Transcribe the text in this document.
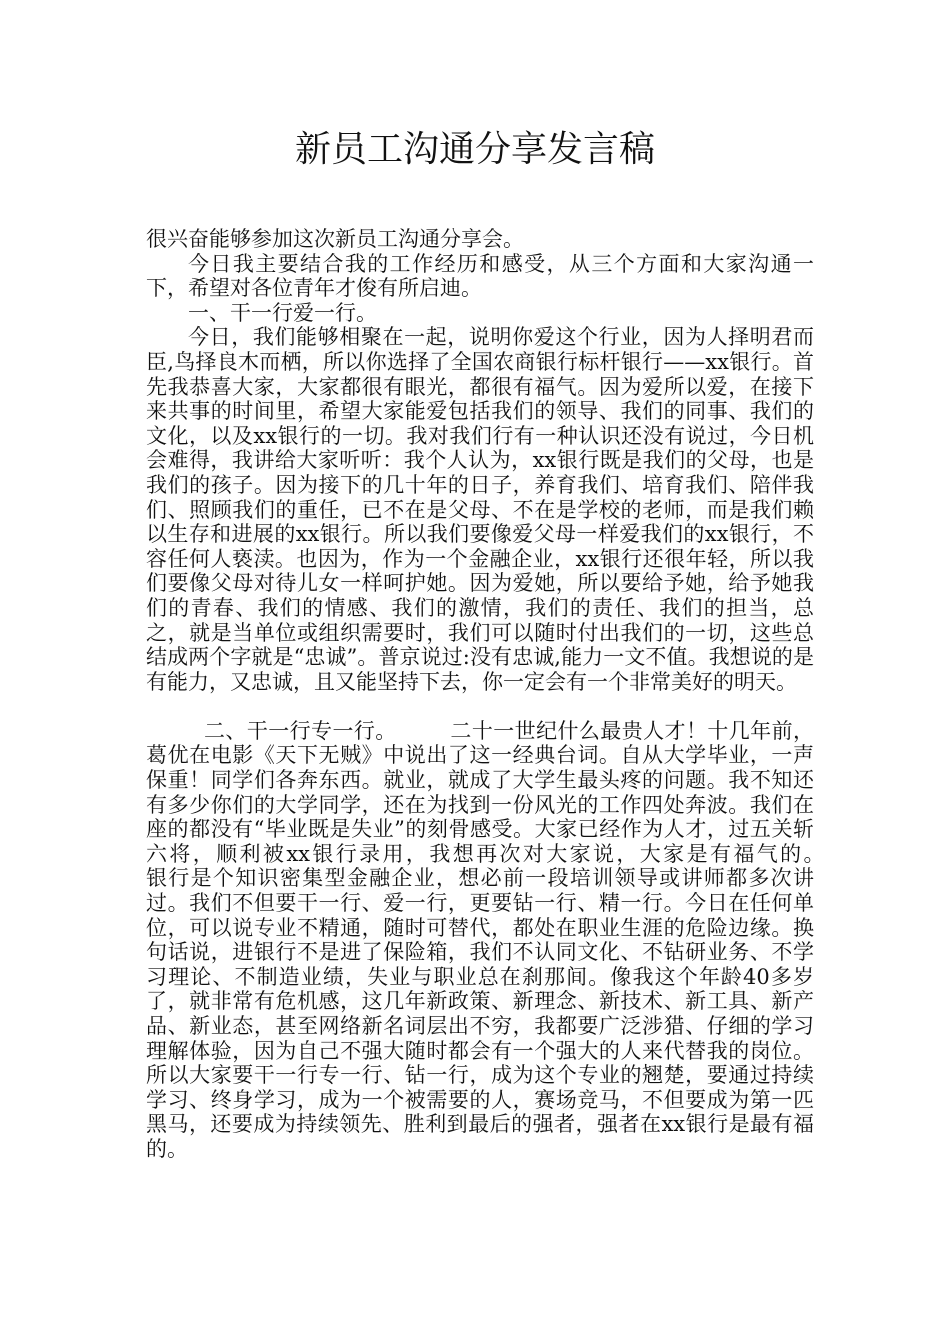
新员工沟通分享发言稿

很兴奋能够参加这次新员工沟通分享会。

今日我主要结合我的工作经历和感受，从三个方面和大家沟通一下，希望对各位青年才俊有所启迪。

一、干一行爱一行。

今日，我们能够相聚在一起，说明你爱这个行业，因为人择明君而臣,鸟择良木而栖，所以你选择了全国农商银行标杆银行——xx银行。首先我恭喜大家，大家都很有眼光，都很有福气。因为爱所以爱，在接下来共事的时间里，希望大家能爱包括我们的领导、我们的同事、我们的文化，以及xx银行的一切。我对我们行有一种认识还没有说过，今日机会难得，我讲给大家听听：我个人认为，xx银行既是我们的父母，也是我们的孩子。因为接下的几十年的日子，养育我们、培育我们、陪伴我们、照顾我们的重任，已不在是父母、不在是学校的老师，而是我们赖以生存和进展的xx银行。所以我们要像爱父母一样爱我们的xx银行，不容任何人亵渎。也因为，作为一个金融企业，xx银行还很年轻，所以我们要像父母对待儿女一样呵护她。因为爱她，所以要给予她，给予她我们的青春、我们的情感、我们的激情，我们的责任、我们的担当，总之，就是当单位或组织需要时，我们可以随时付出我们的一切，这些总结成两个字就是“忠诚”。普京说过:没有忠诚,能力一文不值。我想说的是有能力，又忠诚，且又能坚持下去，你一定会有一个非常美好的明天。

二、干一行专一行。　　　二十一世纪什么最贵人才！十几年前，葛优在电影《天下无贼》中说出了这一经典台词。自从大学毕业，一声保重！同学们各奔东西。就业，就成了大学生最头疼的问题。我不知还有多少你们的大学同学，还在为找到一份风光的工作四处奔波。我们在座的都没有“毕业既是失业”的刻骨感受。大家已经作为人才，过五关斩六将，顺利被xx银行录用，我想再次对大家说，大家是有福气的。　　　银行是个知识密集型金融企业，想必前一段培训领导或讲师都多次讲过。我们不但要干一行、爱一行，更要钻一行、精一行。今日在任何单位，可以说专业不精通，随时可替代，都处在职业生涯的危险边缘。换句话说，进银行不是进了保险箱，我们不认同文化、不钻研业务、不学习理论、不制造业绩，失业与职业总在刹那间。像我这个年龄40多岁了，就非常有危机感，这几年新政策、新理念、新技术、新工具、新产品、新业态，甚至网络新名词层出不穷，我都要广泛涉猎、仔细的学习理解体验，因为自己不强大随时都会有一个强大的人来代替我的岗位。所以大家要干一行专一行、钻一行，成为这个专业的翘楚，要通过持续学习、终身学习，成为一个被需要的人，赛场竞马，不但要成为第一匹黑马，还要成为持续领先、胜利到最后的强者，强者在xx银行是最有福的。
